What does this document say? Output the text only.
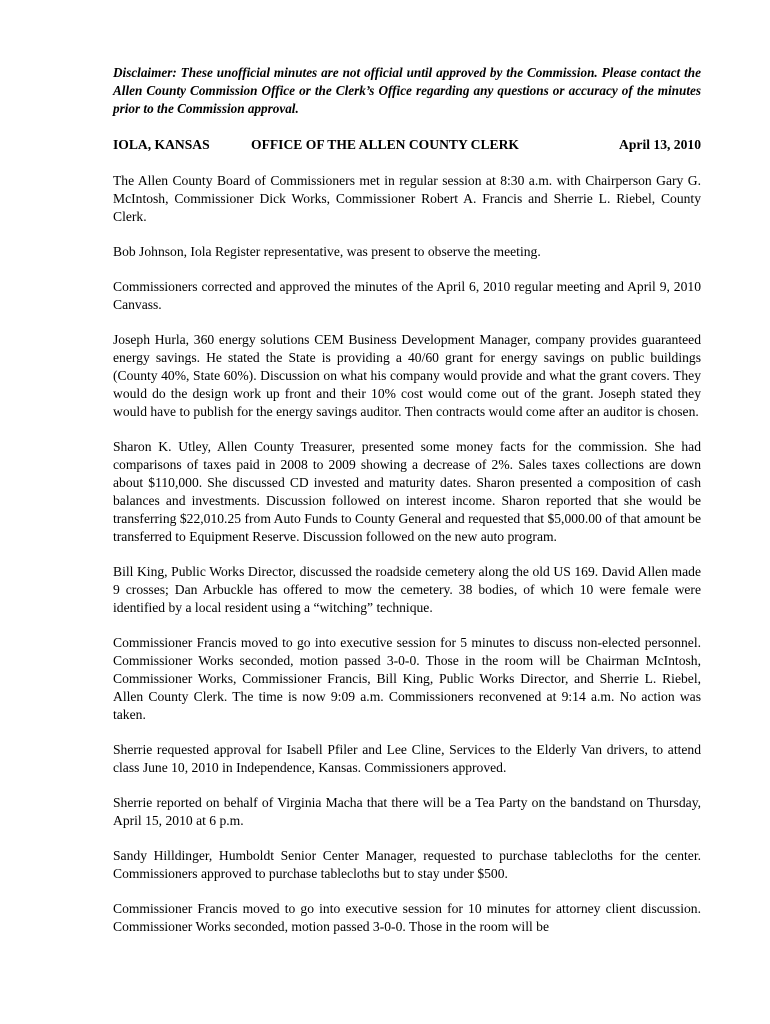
Disclaimer: These unofficial minutes are not official until approved by the Commission. Please contact the Allen County Commission Office or the Clerk’s Office regarding any questions or accuracy of the minutes prior to the Commission approval.

IOLA, KANSAS	OFFICE OF THE ALLEN COUNTY CLERK	April 13, 2010

The Allen County Board of Commissioners met in regular session at 8:30 a.m. with Chairperson Gary G. McIntosh, Commissioner Dick Works, Commissioner Robert A. Francis and Sherrie L. Riebel, County Clerk.

Bob Johnson, Iola Register representative, was present to observe the meeting.

Commissioners corrected and approved the minutes of the April 6, 2010 regular meeting and April 9, 2010 Canvass.

Joseph Hurla, 360 energy solutions CEM Business Development Manager, company provides guaranteed energy savings. He stated the State is providing a 40/60 grant for energy savings on public buildings (County 40%, State 60%). Discussion on what his company would provide and what the grant covers. They would do the design work up front and their 10% cost would come out of the grant. Joseph stated they would have to publish for the energy savings auditor. Then contracts would come after an auditor is chosen.

Sharon K. Utley, Allen County Treasurer, presented some money facts for the commission. She had comparisons of taxes paid in 2008 to 2009 showing a decrease of 2%. Sales taxes collections are down about $110,000. She discussed CD invested and maturity dates. Sharon presented a composition of cash balances and investments. Discussion followed on interest income. Sharon reported that she would be transferring $22,010.25 from Auto Funds to County General and requested that $5,000.00 of that amount be transferred to Equipment Reserve. Discussion followed on the new auto program.

Bill King, Public Works Director, discussed the roadside cemetery along the old US 169. David Allen made 9 crosses; Dan Arbuckle has offered to mow the cemetery. 38 bodies, of which 10 were female were identified by a local resident using a “witching” technique.

Commissioner Francis moved to go into executive session for 5 minutes to discuss non-elected personnel. Commissioner Works seconded, motion passed 3-0-0. Those in the room will be Chairman McIntosh, Commissioner Works, Commissioner Francis, Bill King, Public Works Director, and Sherrie L. Riebel, Allen County Clerk. The time is now 9:09 a.m. Commissioners reconvened at 9:14 a.m. No action was taken.

Sherrie requested approval for Isabell Pfiler and Lee Cline, Services to the Elderly Van drivers, to attend class June 10, 2010 in Independence, Kansas. Commissioners approved.

Sherrie reported on behalf of Virginia Macha that there will be a Tea Party on the bandstand on Thursday, April 15, 2010 at 6 p.m.

Sandy Hilldinger, Humboldt Senior Center Manager, requested to purchase tablecloths for the center. Commissioners approved to purchase tablecloths but to stay under $500.

Commissioner Francis moved to go into executive session for 10 minutes for attorney client discussion. Commissioner Works seconded, motion passed 3-0-0. Those in the room will be
